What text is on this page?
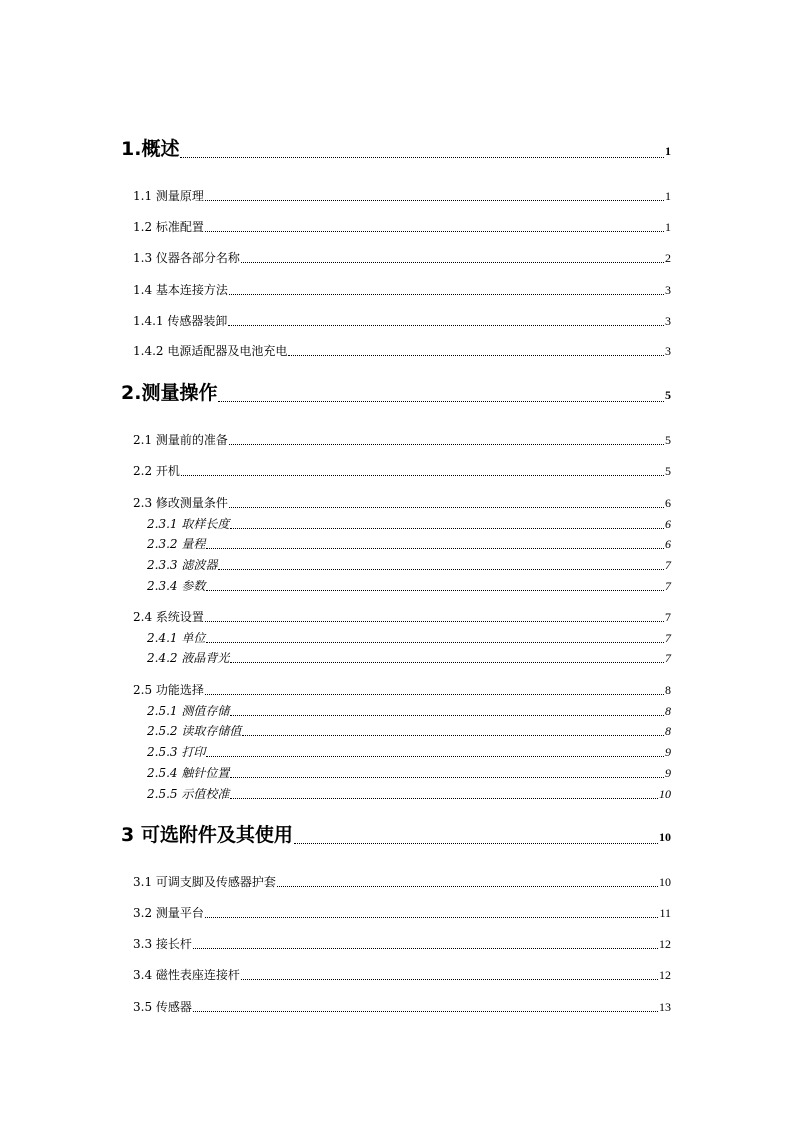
1.概述	1
1.1 测量原理	1
1.2 标准配置	1
1.3 仪器各部分名称	2
1.4 基本连接方法	3
1.4.1 传感器装卸	3
1.4.2 电源适配器及电池充电	3
2.测量操作	5
2.1 测量前的准备	5
2.2 开机	5
2.3 修改测量条件	6
2.3.1 取样长度	6
2.3.2 量程	6
2.3.3 滤波器	7
2.3.4 参数	7
2.4 系统设置	7
2.4.1 单位	7
2.4.2 液晶背光	7
2.5 功能选择	8
2.5.1 测值存储	8
2.5.2 读取存储值	8
2.5.3 打印	9
2.5.4 触针位置	9
2.5.5 示值校准	10
3 可选附件及其使用	10
3.1 可调支脚及传感器护套	10
3.2 测量平台	11
3.3 接长杆	12
3.4 磁性表座连接杆	12
3.5 传感器	13
